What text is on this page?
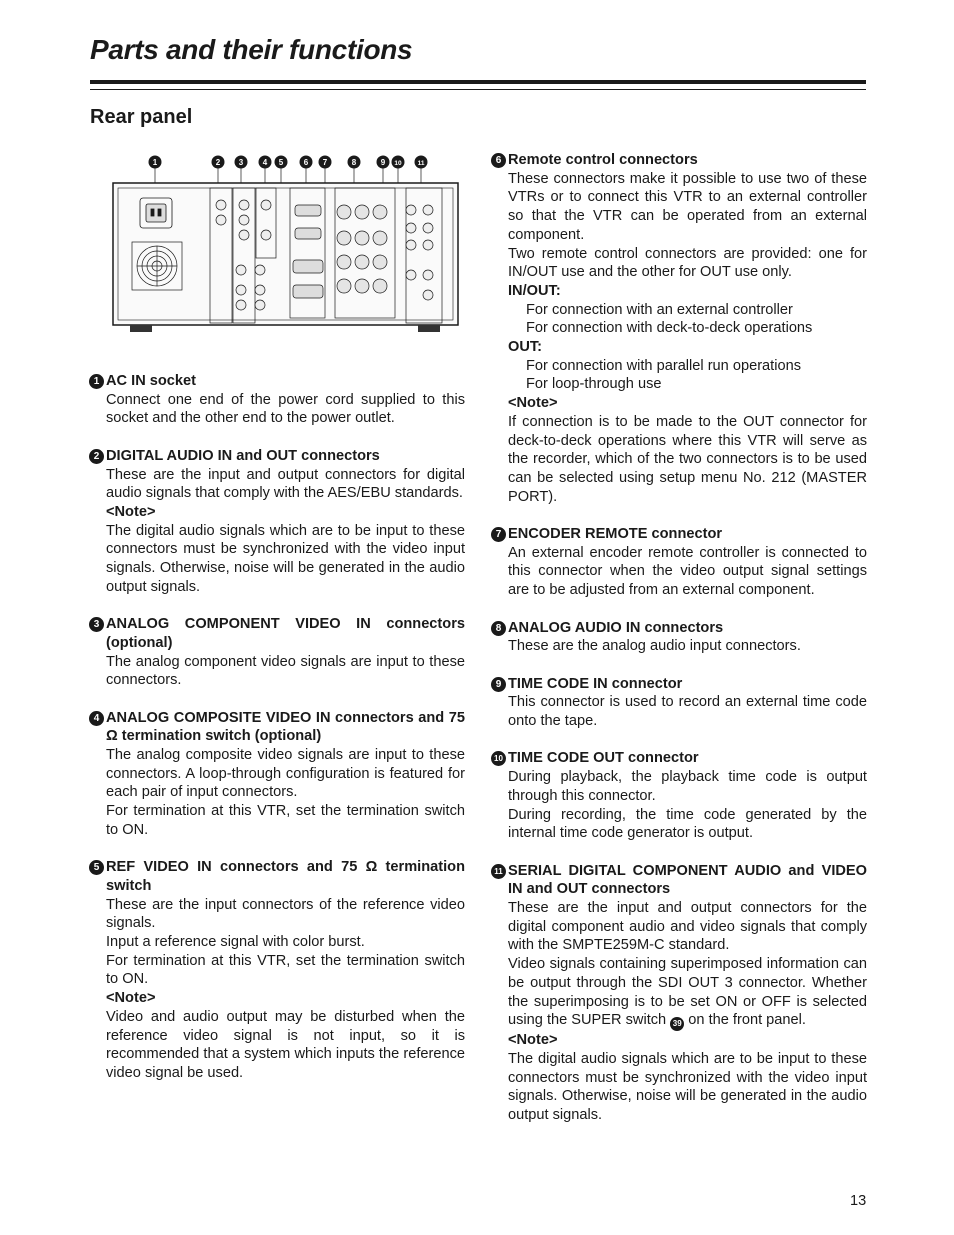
Parts and their functions
Rear panel
1	2 3 4 5	6 7	8	9 10 11
1 AC IN socket

Connect one end of the power cord supplied to this socket and the other end to the power outlet.

2 DIGITAL AUDIO IN and OUT connectors

These are the input and output connectors for digital audio signals that comply with the AES/EBU standards.

<Note>

The digital audio signals which are to be input to these connectors must be synchronized with the video input signals. Otherwise, noise will be generated in the audio output signals.

3 ANALOG COMPONENT VIDEO IN connectors (optional)

The analog component video signals are input to these connectors.

4 ANALOG COMPOSITE VIDEO IN connectors and 75 Ω termination switch (optional)

The analog composite video signals are input to these connectors. A loop-through configuration is featured for each pair of input connectors.

For termination at this VTR, set the termination switch to ON.

5 REF VIDEO IN connectors and 75 Ω termination switch

These are the input connectors of the reference video signals.

Input a reference signal with color burst.

For termination at this VTR, set the termination switch to ON.

<Note>

Video and audio output may be disturbed when the reference video signal is not input, so it is recommended that a system which inputs the reference video signal be used.

6 Remote control connectors

These connectors make it possible to use two of these VTRs or to connect this VTR to an external controller so that the VTR can be operated from an external component.

Two remote control connectors are provided: one for IN/OUT use and the other for OUT use only.

IN/OUT:

For connection with an external controller

For connection with deck-to-deck operations

OUT:

For connection with parallel run operations

For loop-through use

<Note>

If connection is to be made to the OUT connector for deck-to-deck operations where this VTR will serve as the recorder, which of the two connectors is to be used can be selected using setup menu No. 212 (MASTER PORT).

7 ENCODER REMOTE connector

An external encoder remote controller is connected to this connector when the video output signal settings are to be adjusted from an external component.

8 ANALOG AUDIO IN connectors

These are the analog audio input connectors.

9 TIME CODE IN connector

This connector is used to record an external time code onto the tape.

10 TIME CODE OUT connector

During playback, the playback time code is output through this connector.

During recording, the time code generated by the internal time code generator is output.

11 SERIAL DIGITAL COMPONENT AUDIO and VIDEO IN and OUT connectors

These are the input and output connectors for the digital component audio and video signals that comply with the SMPTE259M-C standard.

Video signals containing superimposed information can be output through the SDI OUT 3 connector. Whether the superimposing is to be set ON or OFF is selected using the SUPER switch 39 on the front panel.

<Note>

The digital audio signals which are to be input to these connectors must be synchronized with the video input signals. Otherwise, noise will be generated in the audio output signals.

13
